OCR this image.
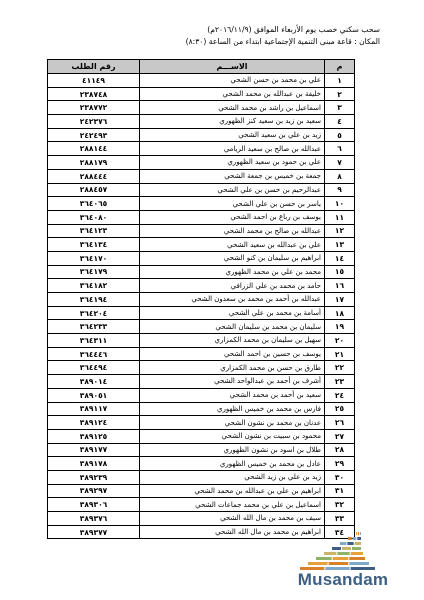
سحب سكني خصب يوم الأربعاء الموافق (٢٠١٦/١١/٩م)
المكان : قاعة مبنى التنمية الإجتماعية ابتداء من الساعة (٨:٣٠)
م	الاســـم	رقم الطلب
١	علي بن محمد بن حسن الشحي	٤١١٤٩
٢	خليفة بن عبدالله بن محمد الشحي	٢٣٨٧٤٨
٣	اسماعيل بن راشد بن محمد الشحي	٢٣٨٧٧٢
٤	سعيد بن زيد بن سعيد كنز الظهوري	٢٤٢٣٧٦
٥	زيد بن علي بن سعيد الشحي	٢٤٢٤٩٣
٦	عبدالله بن صالح بن سعيد الريامي	٢٨٨١٤٤
٧	علي بن حمود بن سعيد الظهوري	٢٨٨١٧٩
٨	جمعة بن خميس بن جمعة الشحي	٢٨٨٤٤٤
٩	عبدالرحيم بن حسن بن علي الشحي	٢٨٨٤٥٧
١٠	ياسر بن حسن بن علي الشحي	٣٦٤٠٦٥
١١	يوسف بن رباع بن احمد الشحي	٣٦٤٠٨٠
١٢	عبدالله بن صالح بن محمد الشحي	٣٦٤١٢٣
١٣	علي بن عبدالله بن سعيد الشحي	٣٦٤١٣٤
١٤	ابراهيم بن سليمان بن كنو الشحي	٣٦٤١٧٠
١٥	محمد بن علي بن محمد الظهوري	٣٦٤١٧٩
١٦	حامد بن محمد بن علي الزرافي	٣٦٤١٨٢
١٧	عبدالله بن أحمد بن محمد بن سعدون الشحي	٣٦٤١٩٤
١٨	أسامة بن محمد بن علي الشحي	٣٦٤٢٠٤
١٩	سليمان بن محمد بن سليمان الشحي	٣٦٤٢٣٣
٢٠	سهيل بن سليمان بن محمد الكمزاري	٣٦٤٣١١
٢١	يوسف بن حسين بن احمد الشحي	٣٦٤٤٤٦
٢٢	طارق بن حسن بن محمد الكمزاري	٣٦٤٤٩٤
٢٣	أشرف بن أحمد بن عبدالواحد الشحي	٣٨٩٠١٤
٢٤	سعيد بن أحمد بن محمد الشحي	٣٨٩٠٥١
٢٥	فارس بن محمد بن خميس الظهوري	٣٨٩١١٧
٢٦	عدنان بن محمد بن نشون الشحي	٣٨٩١٢٤
٢٧	محمود بن سبيت بن نشون الشحي	٣٨٩١٢٥
٢٨	طلال بن اسود بن نشون الظهوري	٣٨٩١٧٧
٢٩	عادل بن محمد بن خميس الظهوري	٣٨٩١٧٨
٣٠	زيد بن علي بن زيد الشحي	٣٨٩٢٣٩
٣١	ابراهيم بن علي بن عبدالله بن محمد الشحي	٣٨٩٢٩٧
٣٢	اسماعيل بن علي بن محمد جماعات الشحي	٣٨٩٣٠٦
٣٣	سيف بن محمد بن مال الله الشحي	٣٨٩٣٧٦
٣٤	ابراهيم بن محمد بن مال الله الشحي	٣٨٩٣٧٧
Musandam
